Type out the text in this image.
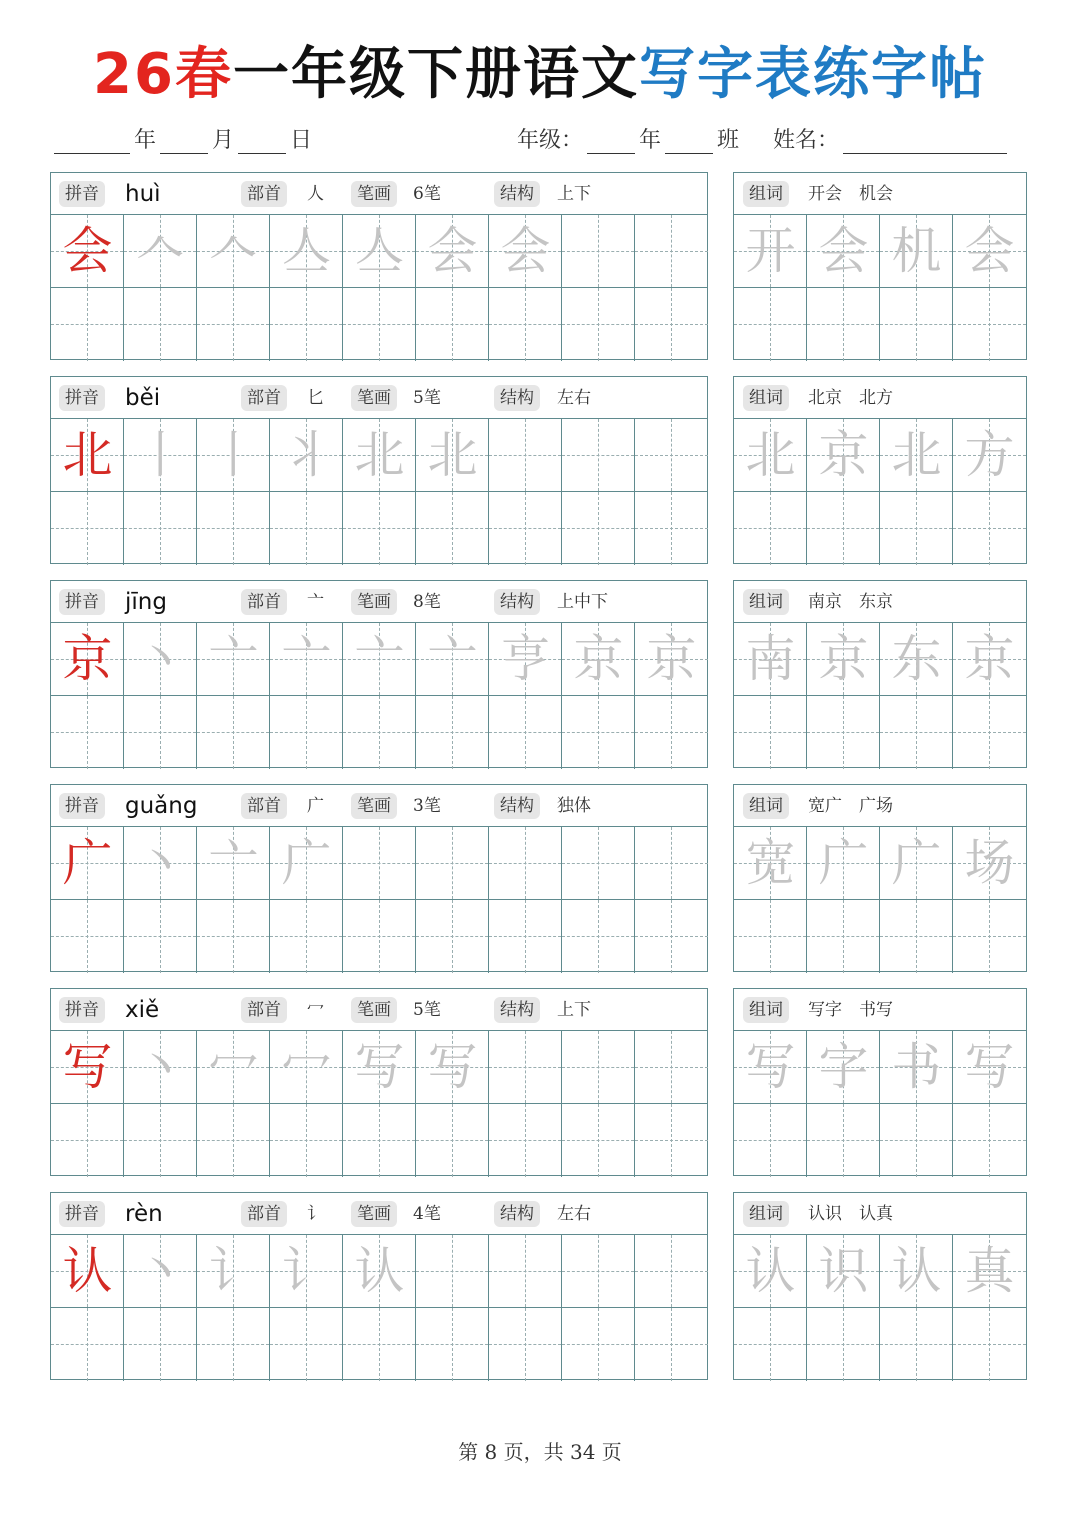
26春一年级下册语文写字表练字帖
年	月	日	年级：	年	班 姓名：
拼音 huì	部首	人	笔画	6笔	结构	上下
会 𠆢 𠆢 亼 亼 会 会
组词	开会　机会
开 会 机 会
拼音 běi	部首	匕	笔画	5笔	结构	左右
北 丨 丨 丬 北 北
组词	北京　北方
北 京 北 方
拼音 jīng	部首	亠	笔画	8笔	结构	上中下
京 丶 亠 亠 亠 亠 亨 京 京
组词	南京　东京
南 京 东 京
拼音 guǎng	部首	广	笔画	3笔	结构	独体
广 丶 亠 广
组词	宽广　广场
宽 广 广 场
拼音 xiě	部首	冖	笔画	5笔	结构	上下
写 丶 冖 冖 写 写
组词	写字　书写
写 字 书 写
拼音 rèn	部首	讠	笔画	4笔	结构	左右
认 丶 讠 讠 认
组词	认识　认真
认 识 认 真
第 8 页，共 34 页
